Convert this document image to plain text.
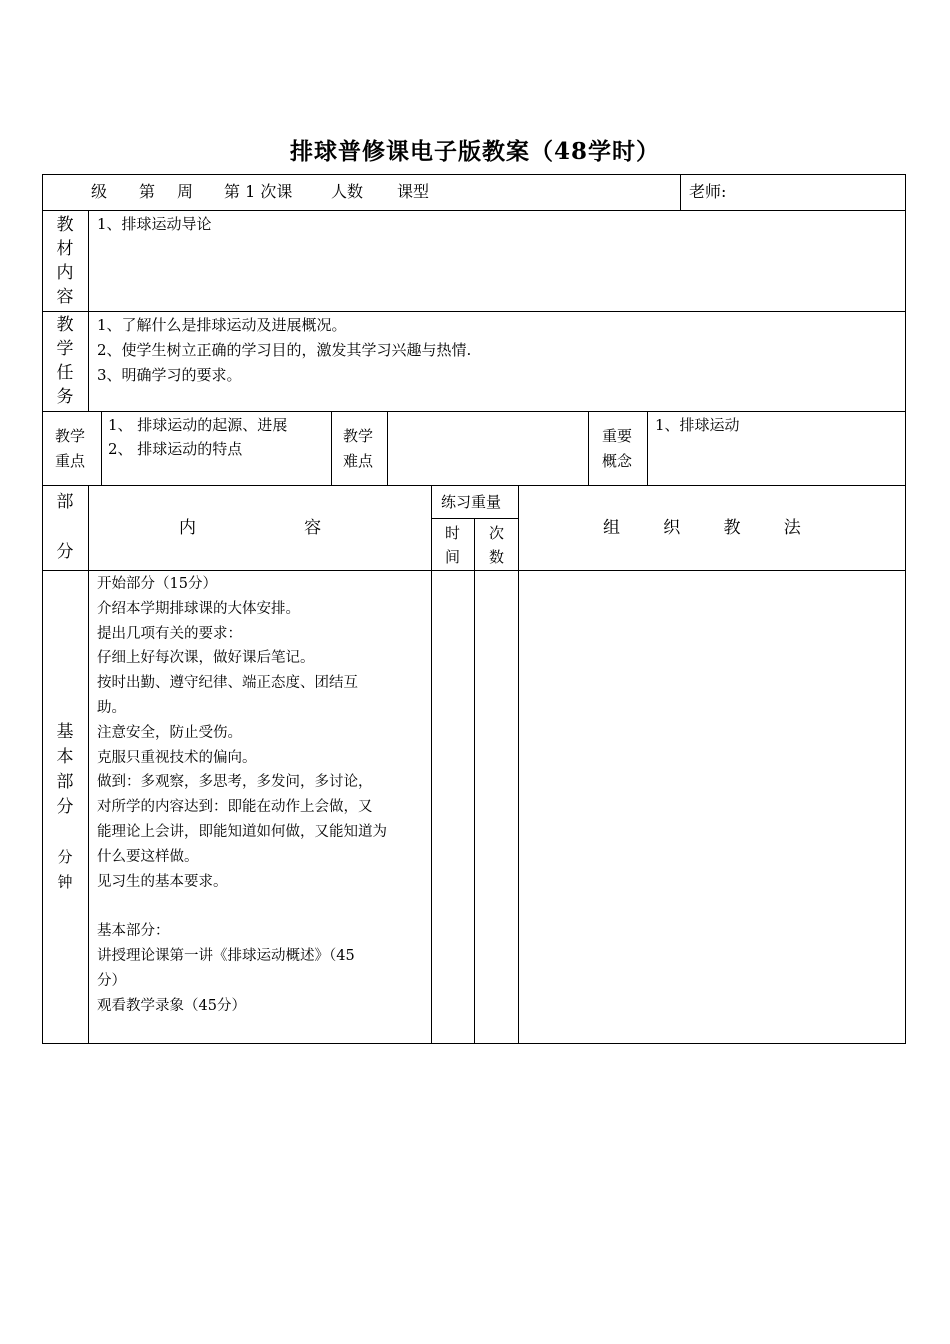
排球普修课电子版教案（48学时）
级 第 周 第 1 次课 人数 课型	老师:
教
材
内
容
1、排球运动导论
教
学
任
务
1、了解什么是排球运动及进展概况。
2、使学生树立正确的学习目的，激发其学习兴趣与热情.
3、明确学习的要求。
教学
重点
1、 排球运动的起源、进展
2、 排球运动的特点
教学
难点
重要
概念
1、排球运动
部
分
内                    容
练习重量
时
间
次
数
组        织        教        法
基
本
部
分
分
钟
开始部分（15分）
介绍本学期排球课的大体安排。
提出几项有关的要求：
仔细上好每次课，做好课后笔记。
按时出勤、遵守纪律、端正态度、团结互
助。
注意安全，防止受伤。
克服只重视技术的偏向。
做到：多观察，多思考，多发问，多讨论，
对所学的内容达到：即能在动作上会做，又
能理论上会讲，即能知道如何做，又能知道为
什么要这样做。
见习生的基本要求。
基本部分：
讲授理论课第一讲《排球运动概述》（45
分）
观看教学录象（45分）
